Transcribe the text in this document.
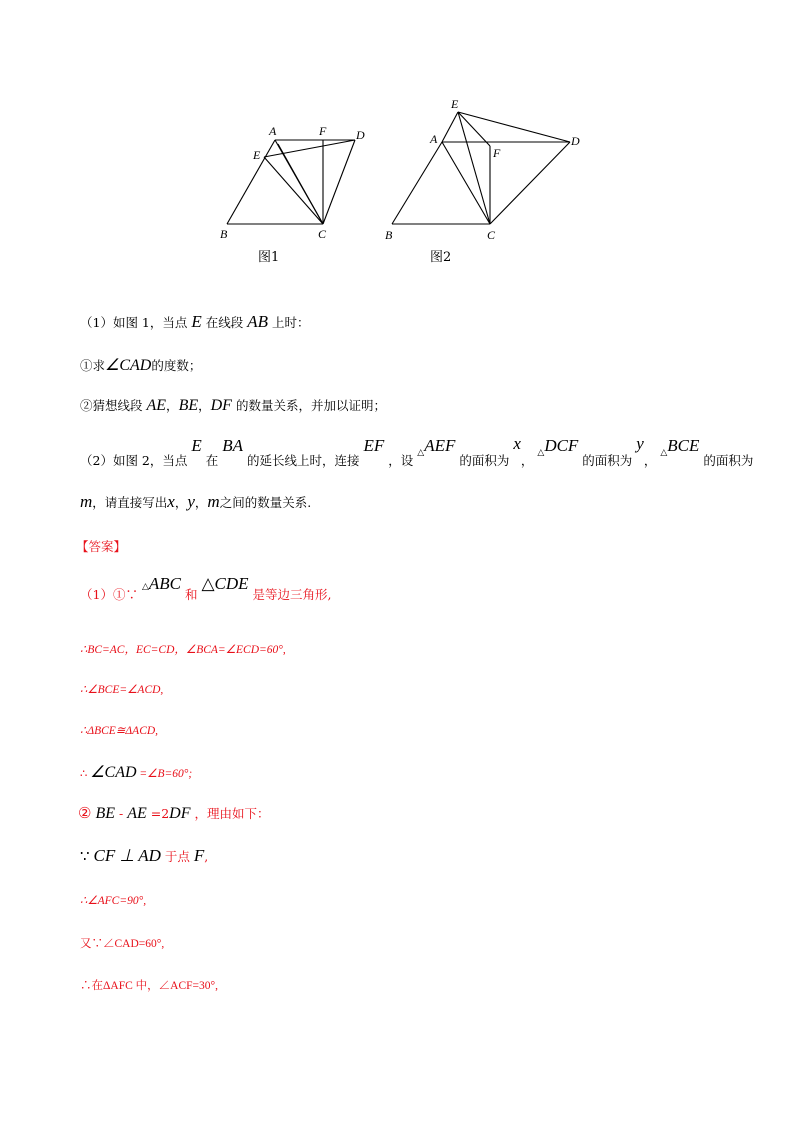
A	F D
E
B	C
图1
E
A
F
D
B	C
图2
（1）如图 1，当点 E 在线段 AB 上时：
①求∠CAD的度数；
②猜想线段 AE，BE，DF 的数量关系，并加以证明；
（2）如图 2，当点 E 在 BA 的延长线上时，连接 EF ，设 △AEF 的面积为 x， △DCF 的面积为 y， △BCE 的面积为
m，请直接写出x，y，m之间的数量关系.
【答案】
（1）①∵ △ABC 和 △CDE 是等边三角形,
∴BC=AC，EC=CD，∠BCA=∠ECD=60°,
∴∠BCE=∠ACD,
∴ΔBCE≅ΔACD,
∴ ∠CAD =∠B=60°;
② BE - AE =2DF ，理由如下：
∵ CF ⊥ AD 于点 F,
∴∠AFC=90°,
又∵∠CAD=60°,
∴在ΔAFC 中，∠ACF=30°,
